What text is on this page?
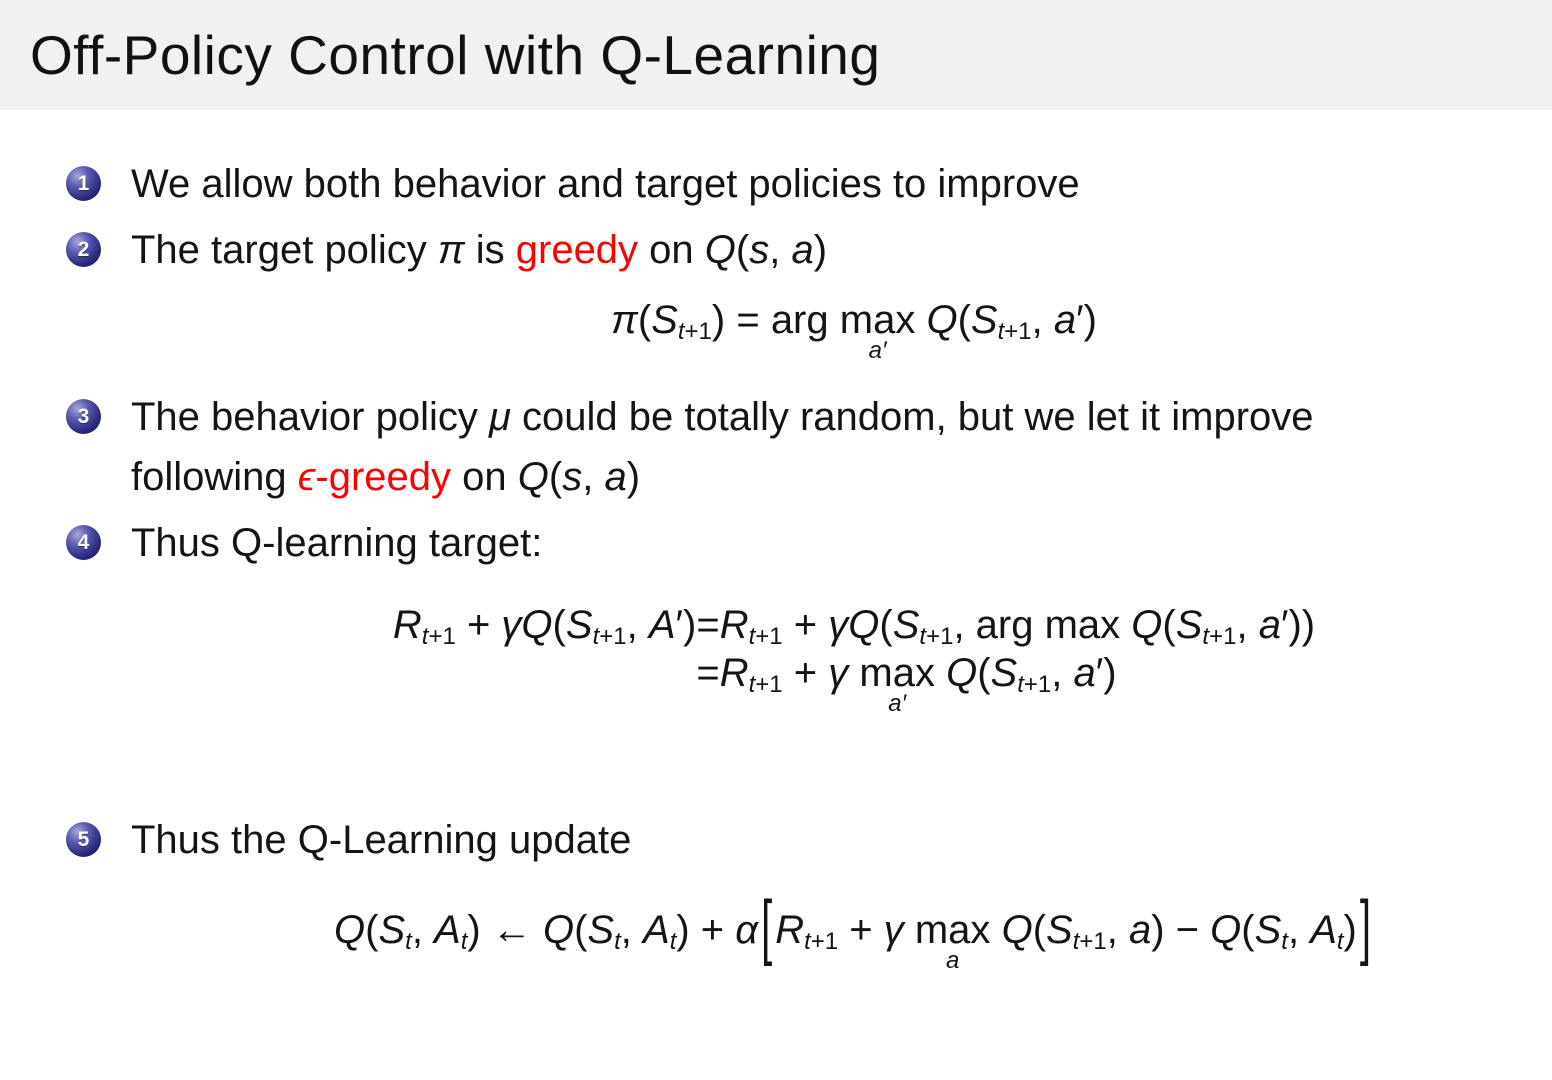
Off-Policy Control with Q-Learning
1 We allow both behavior and target policies to improve
2 The target policy π is greedy on Q(s, a)
$\pi(S_{t+1})$ = arg max
a′
$Q(S_{t+1}$, a′)
3 The behavior policy μ could be totally random, but we let it improve
following ϵ-greedy on Q(s, a)
4 Thus Q-learning target:
$R_{t+1} + \gamma Q(S_{t+1}$, $A') =R_{t+1} + \gamma Q(S_{t+1}$, arg $\max Q(S_{t+1}$, a′))
$=R_{t+1} + \gamma$ max
a′
$Q(S_{t+1}$, a′)
5 Thus the Q-Learning update
$Q(S_t$, $A_t$) ← $Q(S_t$, $A_t) + \alpha[R_{t+1} + \gamma$ max
a
$Q(S_{t+1}$, $a) - Q(S_t$, $A_t$)]
